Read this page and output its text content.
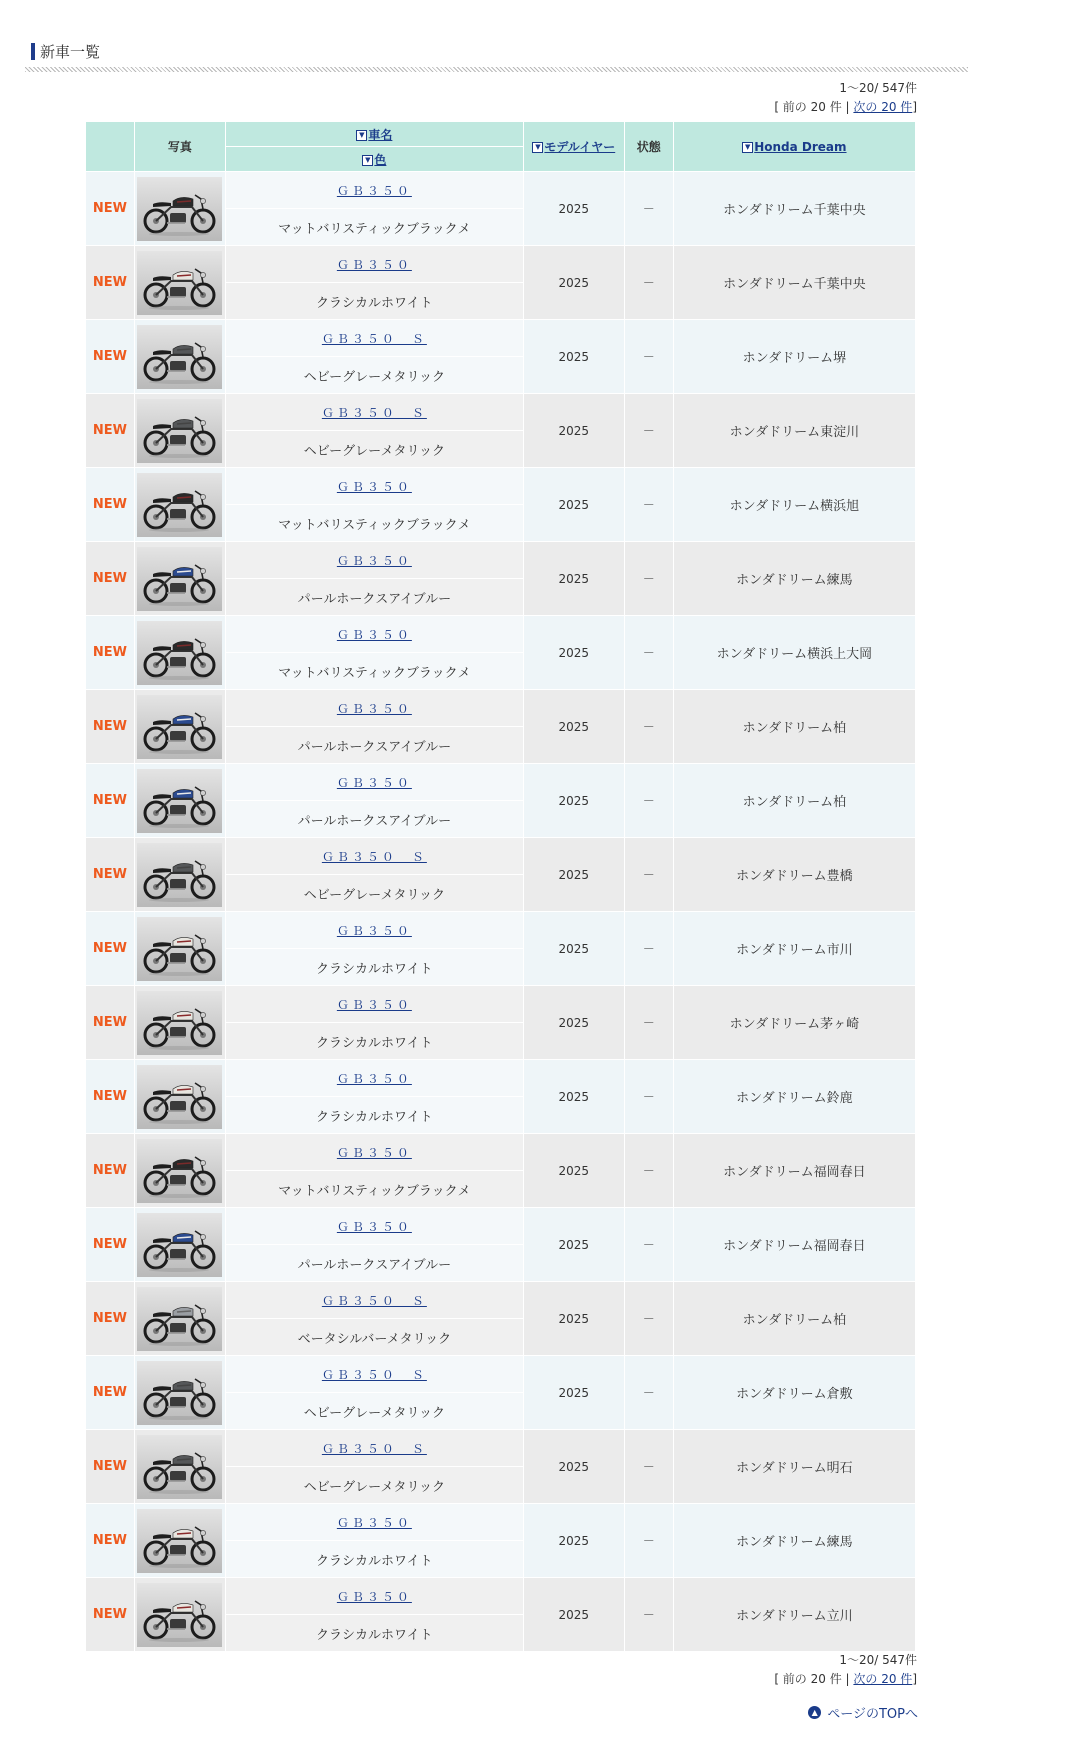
新車一覧
1～20/ 547件
[ 前の 20 件 | 次の 20 件]
	写真	▼ 車名	▼ モデルイヤー	状態	▼ Honda Dream
		▼ 色			
NEW		ＧＢ３５０	2025	－	ホンダドリーム千葉中央
		マットバリスティックブラックメ			
NEW		ＧＢ３５０	2025	－	ホンダドリーム千葉中央
		クラシカルホワイト			
NEW		ＧＢ３５０　Ｓ	2025	－	ホンダドリーム堺
		ヘビーグレーメタリック			
NEW		ＧＢ３５０　Ｓ	2025	－	ホンダドリーム東淀川
		ヘビーグレーメタリック			
NEW		ＧＢ３５０	2025	－	ホンダドリーム横浜旭
		マットバリスティックブラックメ			
NEW		ＧＢ３５０	2025	－	ホンダドリーム練馬
		パールホークスアイブルー			
NEW		ＧＢ３５０	2025	－	ホンダドリーム横浜上大岡
		マットバリスティックブラックメ			
NEW		ＧＢ３５０	2025	－	ホンダドリーム柏
		パールホークスアイブルー			
NEW		ＧＢ３５０	2025	－	ホンダドリーム柏
		パールホークスアイブルー			
NEW		ＧＢ３５０　Ｓ	2025	－	ホンダドリーム豊橋
		ヘビーグレーメタリック			
NEW		ＧＢ３５０	2025	－	ホンダドリーム市川
		クラシカルホワイト			
NEW		ＧＢ３５０	2025	－	ホンダドリーム茅ヶ崎
		クラシカルホワイト			
NEW		ＧＢ３５０	2025	－	ホンダドリーム鈴鹿
		クラシカルホワイト			
NEW		ＧＢ３５０	2025	－	ホンダドリーム福岡春日
		マットバリスティックブラックメ			
NEW		ＧＢ３５０	2025	－	ホンダドリーム福岡春日
		パールホークスアイブルー			
NEW		ＧＢ３５０　Ｓ	2025	－	ホンダドリーム柏
		ベータシルバーメタリック			
NEW		ＧＢ３５０　Ｓ	2025	－	ホンダドリーム倉敷
		ヘビーグレーメタリック			
NEW		ＧＢ３５０　Ｓ	2025	－	ホンダドリーム明石
		ヘビーグレーメタリック			
NEW		ＧＢ３５０	2025	－	ホンダドリーム練馬
		クラシカルホワイト			
NEW		ＧＢ３５０	2025	－	ホンダドリーム立川
		クラシカルホワイト			
1～20/ 547件
[ 前の 20 件 | 次の 20 件]
▲ ページのTOPへ
